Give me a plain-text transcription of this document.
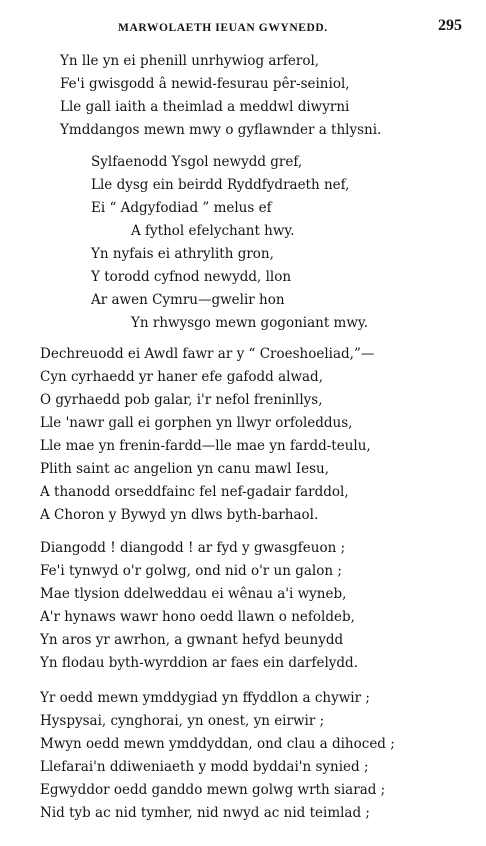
MARWOLAETH IEUAN GWYNEDD.	295
Yn lle yn ei phenill unrhywiog arferol,
Fe'i gwisgodd â newid-fesurau pêr-seiniol,
Lle gall iaith a theimlad a meddwl diwyrni
Ymddangos mewn mwy o gyflawnder a thlysni.
Sylfaenodd Ysgol newydd gref,
Lle dysg ein beirdd Ryddfydraeth nef,
Ei “ Adgyfodiad ” melus ef
A fythol efelychant hwy.
Yn nyfais ei athrylith gron,
Y torodd cyfnod newydd, llon
Ar awen Cymru—gwelir hon
Yn rhwysgo mewn gogoniant mwy.
Dechreuodd ei Awdl fawr ar y “ Croeshoeliad,”—
Cyn cyrhaedd yr haner efe gafodd alwad,
O gyrhaedd pob galar, i'r nefol freninllys,
Lle 'nawr gall ei gorphen yn llwyr orfoleddus,
Lle mae yn frenin-fardd—lle mae yn fardd-teulu,
Plith saint ac angelion yn canu mawl Iesu,
A thanodd orseddfainc fel nef-gadair farddol,
A Choron y Bywyd yn dlws byth-barhaol.
Diangodd ! diangodd ! ar fyd y gwasgfeuon ;
Fe'i tynwyd o'r golwg, ond nid o'r un galon ;
Mae tlysion ddelweddau ei wênau a'i wyneb,
A'r hynaws wawr hono oedd llawn o nefoldeb,
Yn aros yr awrhon, a gwnant hefyd beunydd
Yn flodau byth-wyrddion ar faes ein darfelydd.
Yr oedd mewn ymddygiad yn ffyddlon a chywir ;
Hyspysai, cynghorai, yn onest, yn eirwir ;
Mwyn oedd mewn ymddyddan, ond clau a dihoced ;
Llefarai'n ddiweniaeth y modd byddai'n synied ;
Egwyddor oedd ganddo mewn golwg wrth siarad ;
Nid tyb ac nid tymher, nid nwyd ac nid teimlad ;
